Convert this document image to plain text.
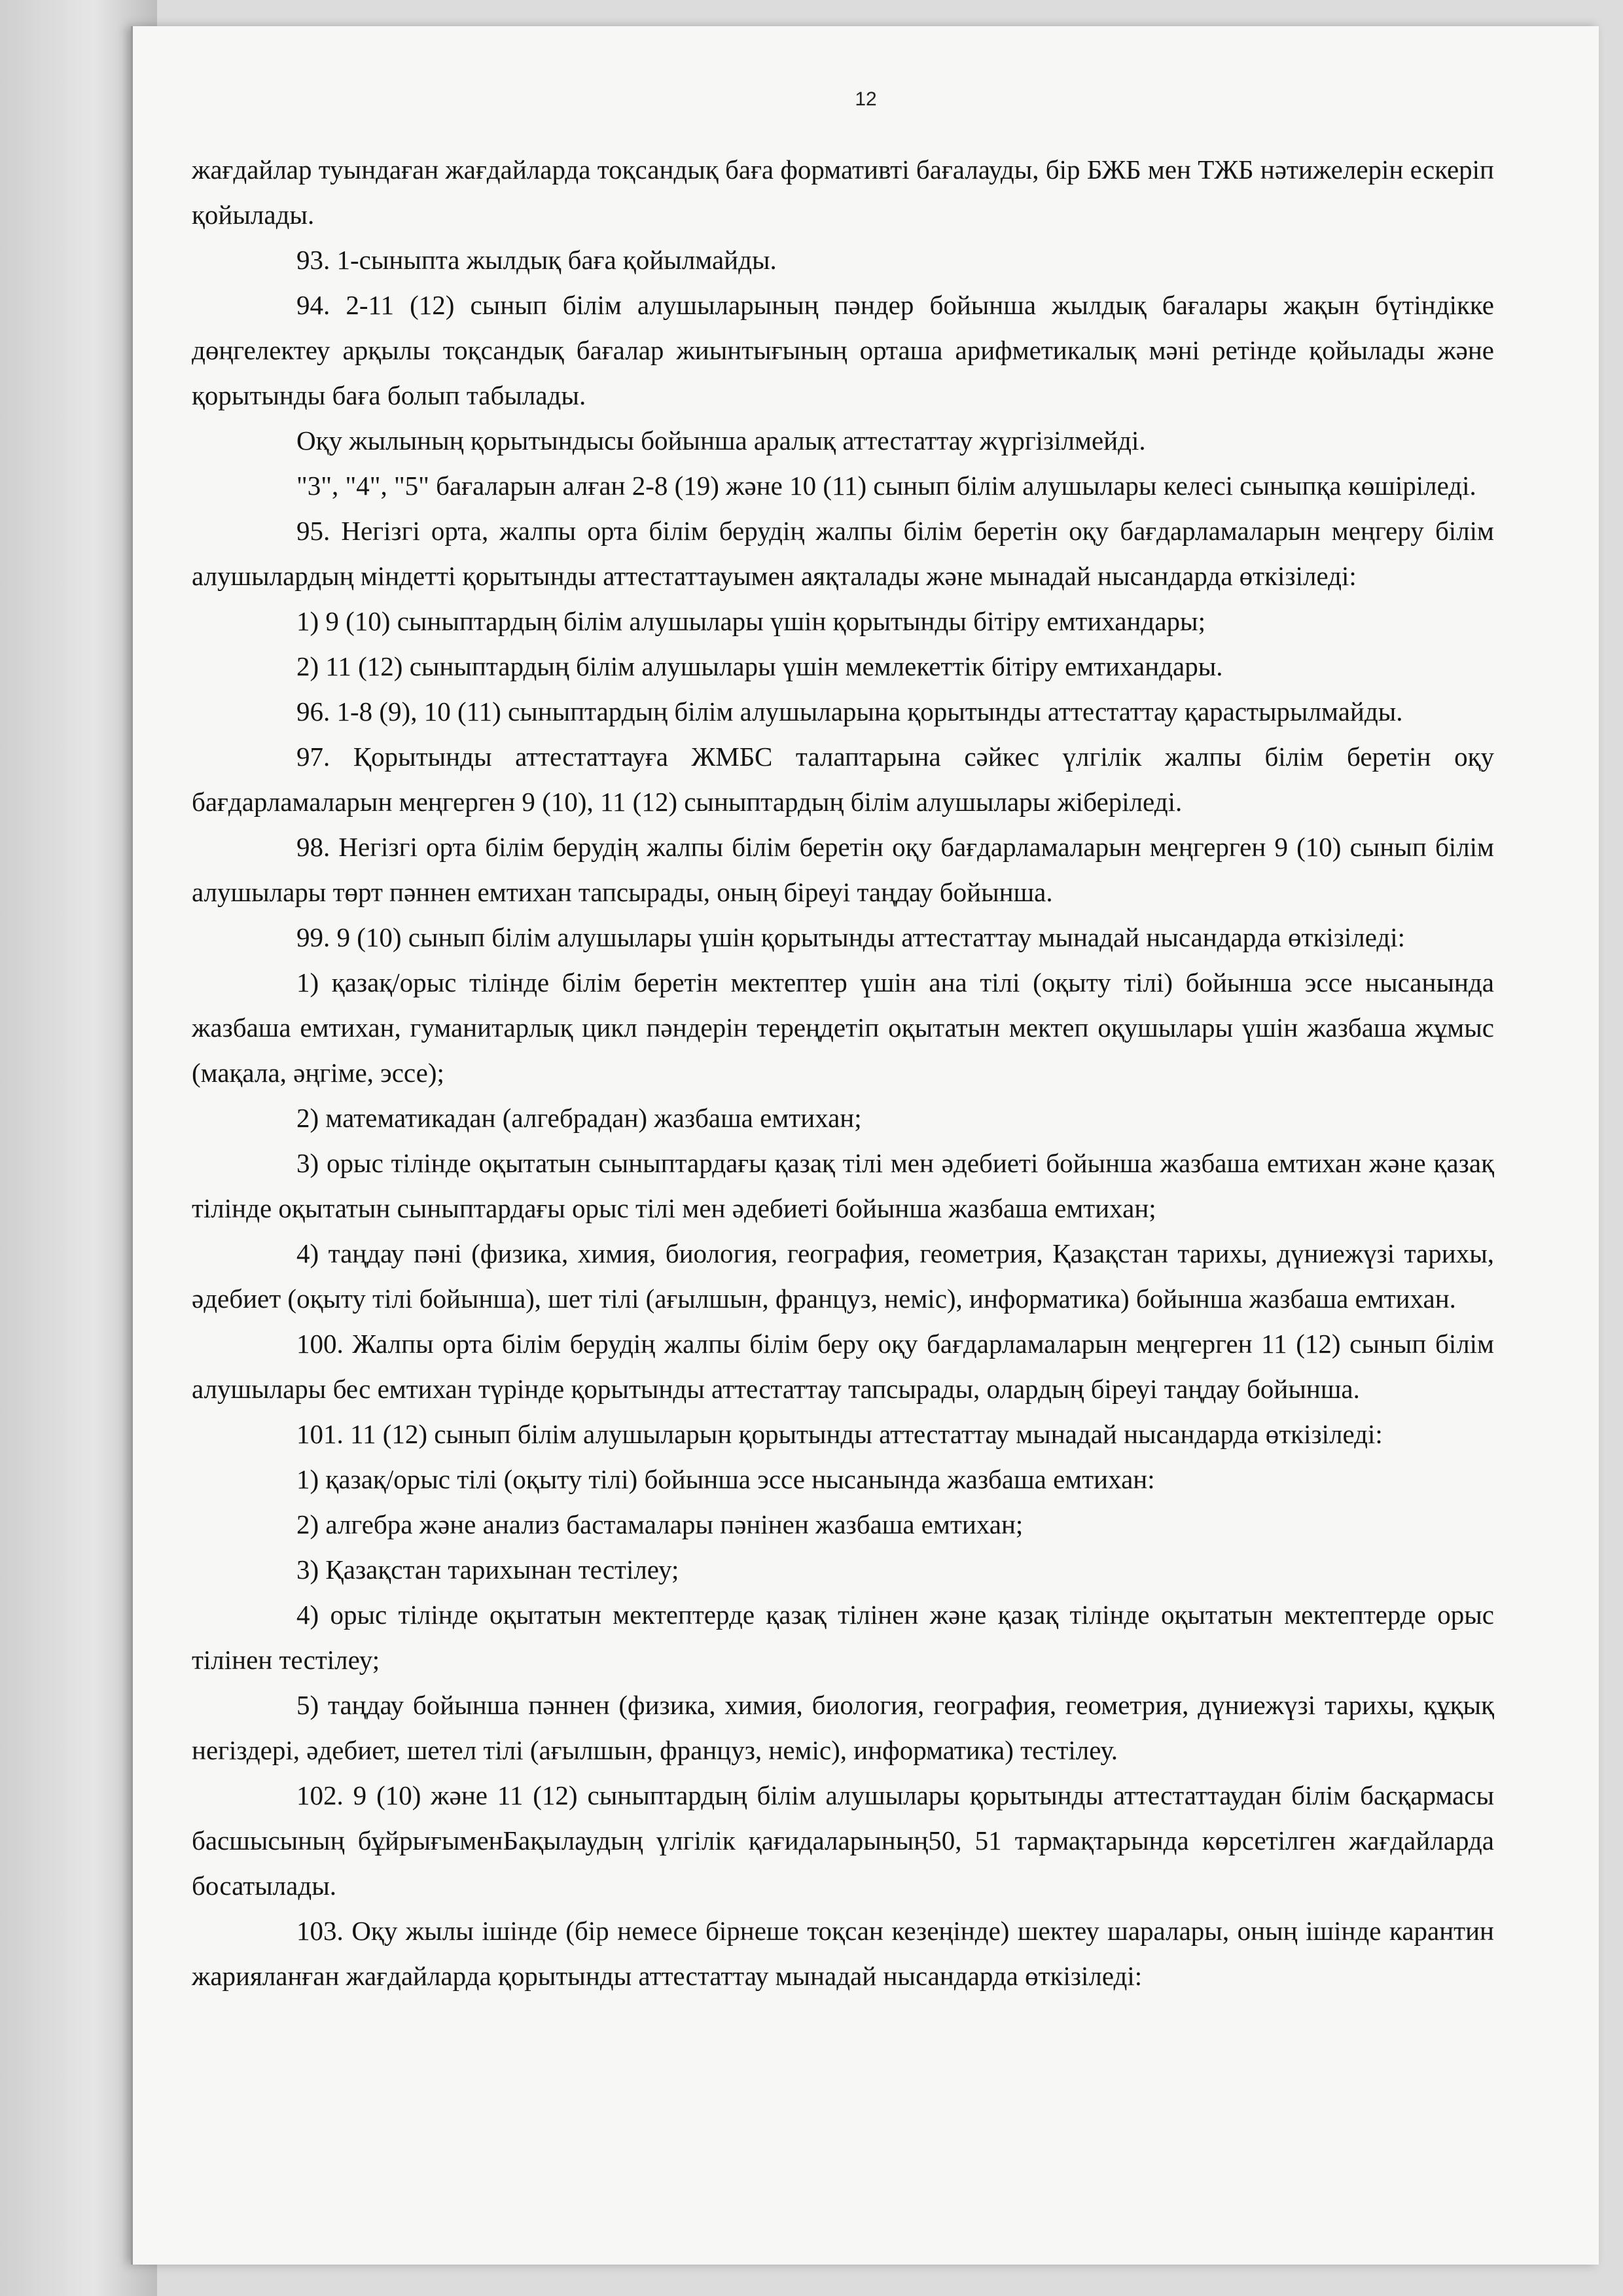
12

жағдайлар туындаған жағдайларда тоқсандық баға формативті бағалауды, бір БЖБ мен ТЖБ нәтижелерін ескеріп қойылады.

93. 1-сыныпта жылдық баға қойылмайды.

94. 2-11 (12) сынып білім алушыларының пәндер бойынша жылдық бағалары жақын бүтіндікке дөңгелектеу арқылы тоқсандық бағалар жиынтығының орташа арифметикалық мәні ретінде қойылады және қорытынды баға болып табылады.

Оқу жылының қорытындысы бойынша аралық аттестаттау жүргізілмейді.

"3", "4", "5" бағаларын алған 2-8 (19) және 10 (11) сынып білім алушылары келесі сыныпқа көшіріледі.

95. Негізгі орта, жалпы орта білім берудің жалпы білім беретін оқу бағдарламаларын меңгеру білім алушылардың міндетті қорытынды аттестаттауымен аяқталады және мынадай нысандарда өткізіледі:

1) 9 (10) сыныптардың білім алушылары үшін қорытынды бітіру емтихандары;

2) 11 (12) сыныптардың білім алушылары үшін мемлекеттік бітіру емтихандары.

96. 1-8 (9), 10 (11) сыныптардың білім алушыларына қорытынды аттестаттау қарастырылмайды.

97. Қорытынды аттестаттауға ЖМБС талаптарына сәйкес үлгілік жалпы білім беретін оқу бағдарламаларын меңгерген 9 (10), 11 (12) сыныптардың білім алушылары жіберіледі.

98. Негізгі орта білім берудің жалпы білім беретін оқу бағдарламаларын меңгерген 9 (10) сынып білім алушылары төрт пәннен емтихан тапсырады, оның біреуі таңдау бойынша.

99. 9 (10) сынып білім алушылары үшін қорытынды аттестаттау мынадай нысандарда өткізіледі:

1) қазақ/орыс тілінде білім беретін мектептер үшін ана тілі (оқыту тілі) бойынша эссе нысанында жазбаша емтихан, гуманитарлық цикл пәндерін тереңдетіп оқытатын мектеп оқушылары үшін жазбаша жұмыс (мақала, әңгіме, эссе);

2) математикадан (алгебрадан) жазбаша емтихан;

3) орыс тілінде оқытатын сыныптардағы қазақ тілі мен әдебиеті бойынша жазбаша емтихан және қазақ тілінде оқытатын сыныптардағы орыс тілі мен әдебиеті бойынша жазбаша емтихан;

4) таңдау пәні (физика, химия, биология, география, геометрия, Қазақстан тарихы, дүниежүзі тарихы, әдебиет (оқыту тілі бойынша), шет тілі (ағылшын, француз, неміс), информатика) бойынша жазбаша емтихан.

100. Жалпы орта білім берудің жалпы білім беру оқу бағдарламаларын меңгерген 11 (12) сынып білім алушылары бес емтихан түрінде қорытынды аттестаттау тапсырады, олардың біреуі таңдау бойынша.

101. 11 (12) сынып білім алушыларын қорытынды аттестаттау мынадай нысандарда өткізіледі:

1) қазақ/орыс тілі (оқыту тілі) бойынша эссе нысанында жазбаша емтихан:

2) алгебра және анализ бастамалары пәнінен жазбаша емтихан;

3) Қазақстан тарихынан тестілеу;

4) орыс тілінде оқытатын мектептерде қазақ тілінен және қазақ тілінде оқытатын мектептерде орыс тілінен тестілеу;

5) таңдау бойынша пәннен (физика, химия, биология, география, геометрия, дүниежүзі тарихы, құқық негіздері, әдебиет, шетел тілі (ағылшын, француз, неміс), информатика) тестілеу.

102. 9 (10) және 11 (12) сыныптардың білім алушылары қорытынды аттестаттаудан білім басқармасы басшысының бұйрығыменБақылаудың үлгілік қағидаларының50, 51 тармақтарында көрсетілген жағдайларда босатылады.

103. Оқу жылы ішінде (бір немесе бірнеше тоқсан кезеңінде) шектеу шаралары, оның ішінде карантин жарияланған жағдайларда қорытынды аттестаттау мынадай нысандарда өткізіледі:
